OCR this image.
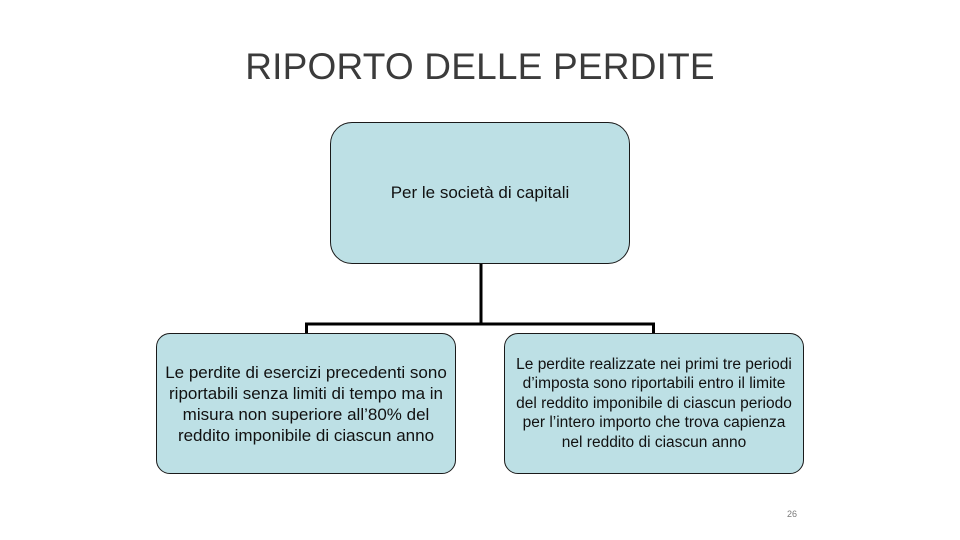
RIPORTO DELLE PERDITE
Per le società di capitali
Le perdite di esercizi precedenti sono riportabili senza limiti di tempo ma in misura non superiore all’80% del reddito imponibile di ciascun anno
Le perdite realizzate nei primi tre periodi d’imposta sono riportabili entro il limite del reddito imponibile di ciascun periodo per l’intero importo che trova capienza nel reddito di ciascun anno
26
